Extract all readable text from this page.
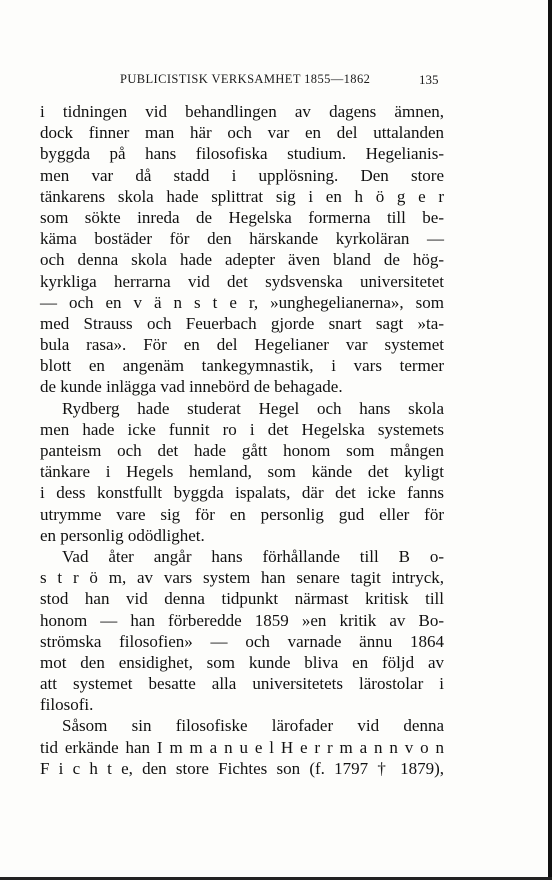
PUBLICISTISK VERKSAMHET 1855—1862	135
i tidningen vid behandlingen av dagens ämnen,
dock finner man här och var en del uttalanden
byggda på hans filosofiska studium. Hegelianis-
men var då stadd i upplösning. Den store
tänkarens skola hade splittrat sig i en h ö g e r
som sökte inreda de Hegelska formerna till be-
käma bostäder för den härskande kyrkoläran —
och denna skola hade adepter även bland de hög-
kyrkliga herrarna vid det sydsvenska universitetet
— och en v ä n s t e r, »unghegelianerna», som
med Strauss och Feuerbach gjorde snart sagt »ta-
bula rasa». För en del Hegelianer var systemet
blott en angenäm tankegymnastik, i vars termer
de kunde inlägga vad innebörd de behagade.
Rydberg hade studerat Hegel och hans skola
men hade icke funnit ro i det Hegelska systemets
panteism och det hade gått honom som mången
tänkare i Hegels hemland, som kände det kyligt
i dess konstfullt byggda ispalats, där det icke fanns
utrymme vare sig för en personlig gud eller för
en personlig odödlighet.
Vad åter angår hans förhållande till B o-
s t r ö m, av vars system han senare tagit intryck,
stod han vid denna tidpunkt närmast kritisk till
honom — han förberedde 1859 »en kritik av Bo-
strömska filosofien» — och varnade ännu 1864
mot den ensidighet, som kunde bliva en följd av
att systemet besatte alla universitetets lärostolar i
filosofi.
Såsom sin filosofiske lärofader vid denna
tid erkände han I m m a n u e l H e r r m a n n v o n
F i c h t e, den store Fichtes son (f. 1797 † 1879),
